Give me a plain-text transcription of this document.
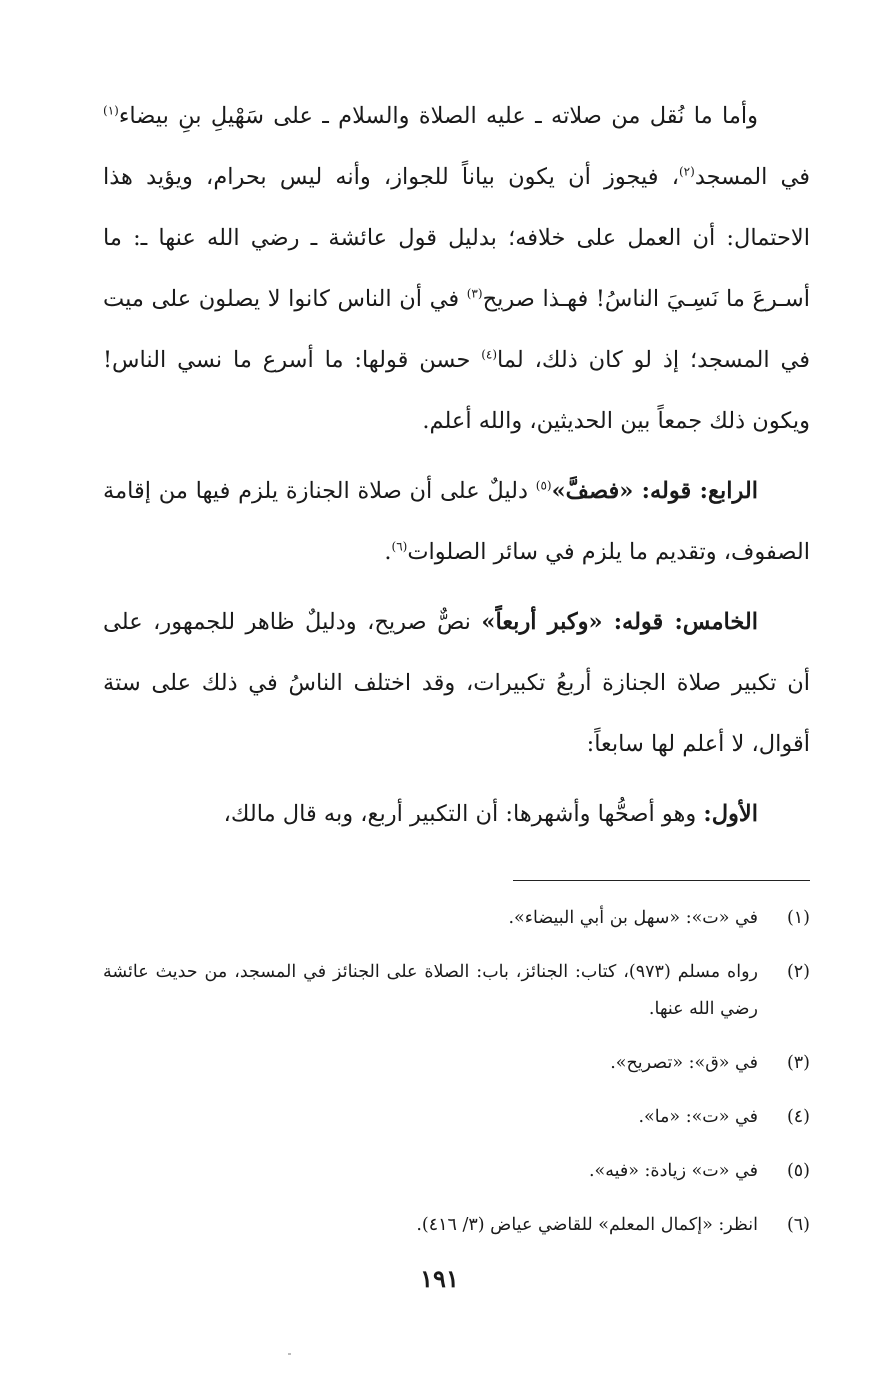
وأما ما نُقل من صلاته ـ عليه الصلاة والسلام ـ على سَهْيلِ بنِ بيضاء$^{(١)}$ في المسجد$^{(٢)}$، فيجوز أن يكون بياناً للجواز، وأنه ليس بحرام، ويؤيد هذا الاحتمال: أن العمل على خلافه؛ بدليل قول عائشة ـ رضي الله عنها ـ: ما أسـرعَ ما نَسِـيَ الناسُ! فهـذا صريح$^{(٣)}$ في أن الناس كانوا لا يصلون على ميت في المسجد؛ إذ لو كان ذلك، لما$^{(٤)}$ حسن قولها: ما أسرع ما نسي الناس! ويكون ذلك جمعاً بين الحديثين، والله أعلم.

الرابع: قوله: «فصفَّ»$^{(٥)}$ دليلٌ على أن صلاة الجنازة يلزم فيها من إقامة الصفوف، وتقديم ما يلزم في سائر الصلوات$^{(٦)}$.

الخامس: قوله: «وكبر أربعاً» نصٌّ صريح، ودليلٌ ظاهر للجمهور، على أن تكبير صلاة الجنازة أربعُ تكبيرات، وقد اختلف الناسُ في ذلك على ستة أقوال، لا أعلم لها سابعاً:

الأول: وهو أصحُّها وأشهرها: أن التكبير أربع، وبه قال مالك،

(١)
في «ت»: «سهل بن أبي البيضاء».
(٢)
رواه مسلم (٩٧٣)، كتاب: الجنائز، باب: الصلاة على الجنائز في المسجد، من حديث عائشة رضي الله عنها.
(٣)
في «ق»: «تصريح».
(٤)
في «ت»: «ما».
(٥)
في «ت» زيادة: «فيه».
(٦)
انظر: «إكمال المعلم» للقاضي عياض (٣/ ٤١٦).
١٩١
